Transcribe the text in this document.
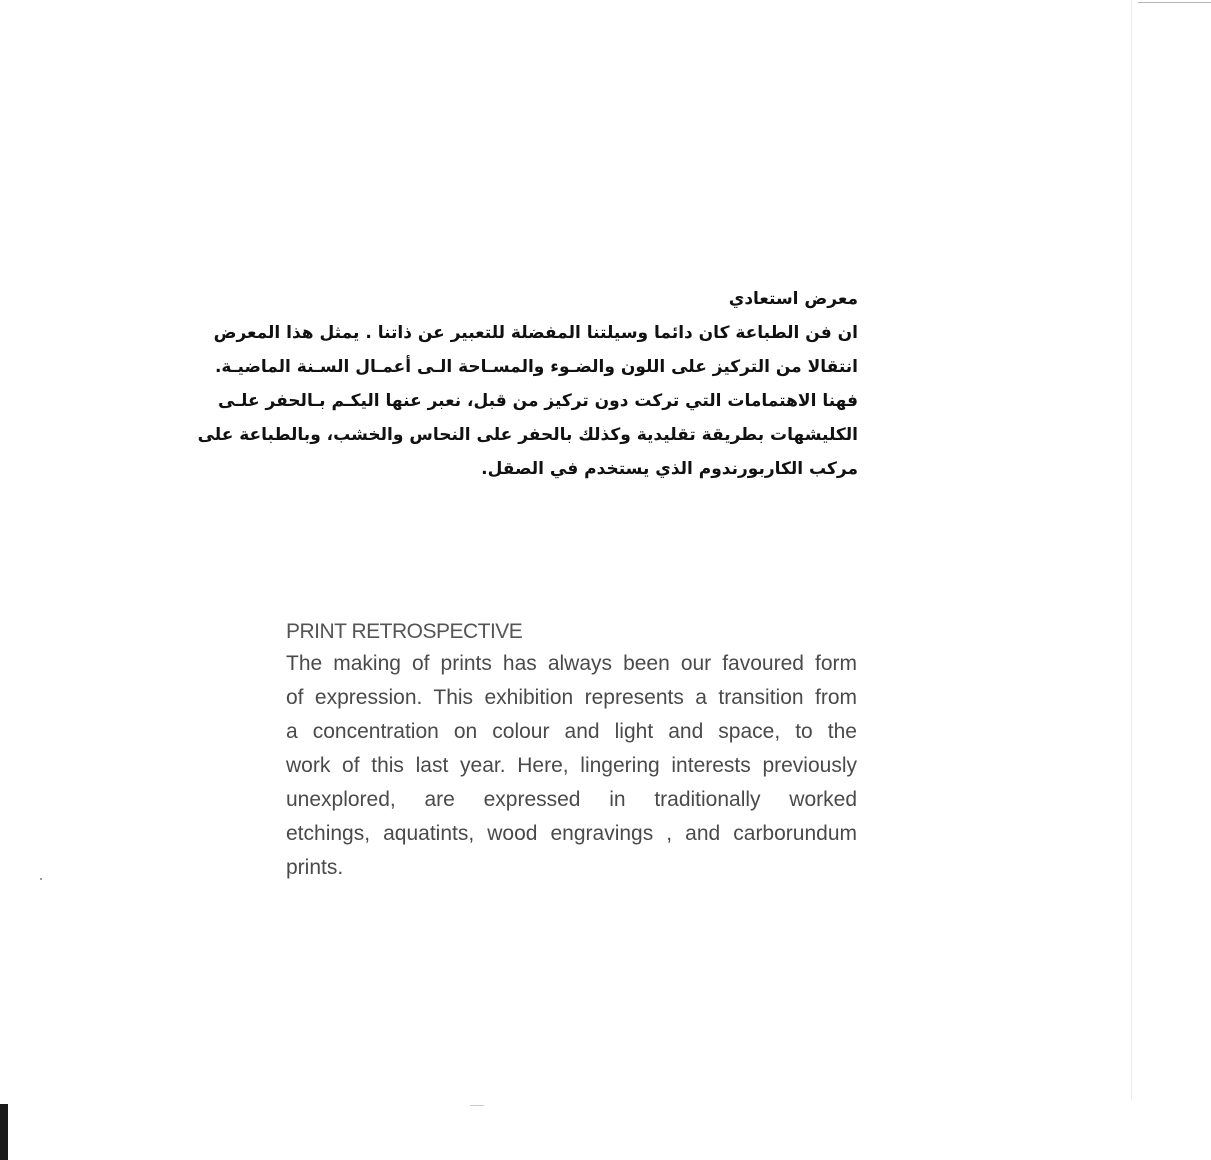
معرض استعادي
ان فن الطباعة كان دائما وسيلتنا المفضلة للتعبير عن ذاتنا . يمثل هذا المعرض
انتقالا من التركيز على اللون والضـوء والمسـاحة الـى أعمـال السـنة الماضيـة.
فهنا الاهتمامات التي تركت دون تركيز من قبل، نعبر عنها اليكـم بـالحفر علـى
الكليشهات بطريقة تقليدية وكذلك بالحفر على النحاس والخشب، وبالطباعة على
مركب الكاربورندوم الذي يستخدم في الصقل.
PRINT RETROSPECTIVE
The making of prints has always been our favoured form
of expression. This exhibition represents a transition from
a concentration on colour and light and space, to the
work of this last year. Here, lingering interests previously
unexplored, are expressed in traditionally worked
etchings, aquatints, wood engravings , and carborundum
prints.
